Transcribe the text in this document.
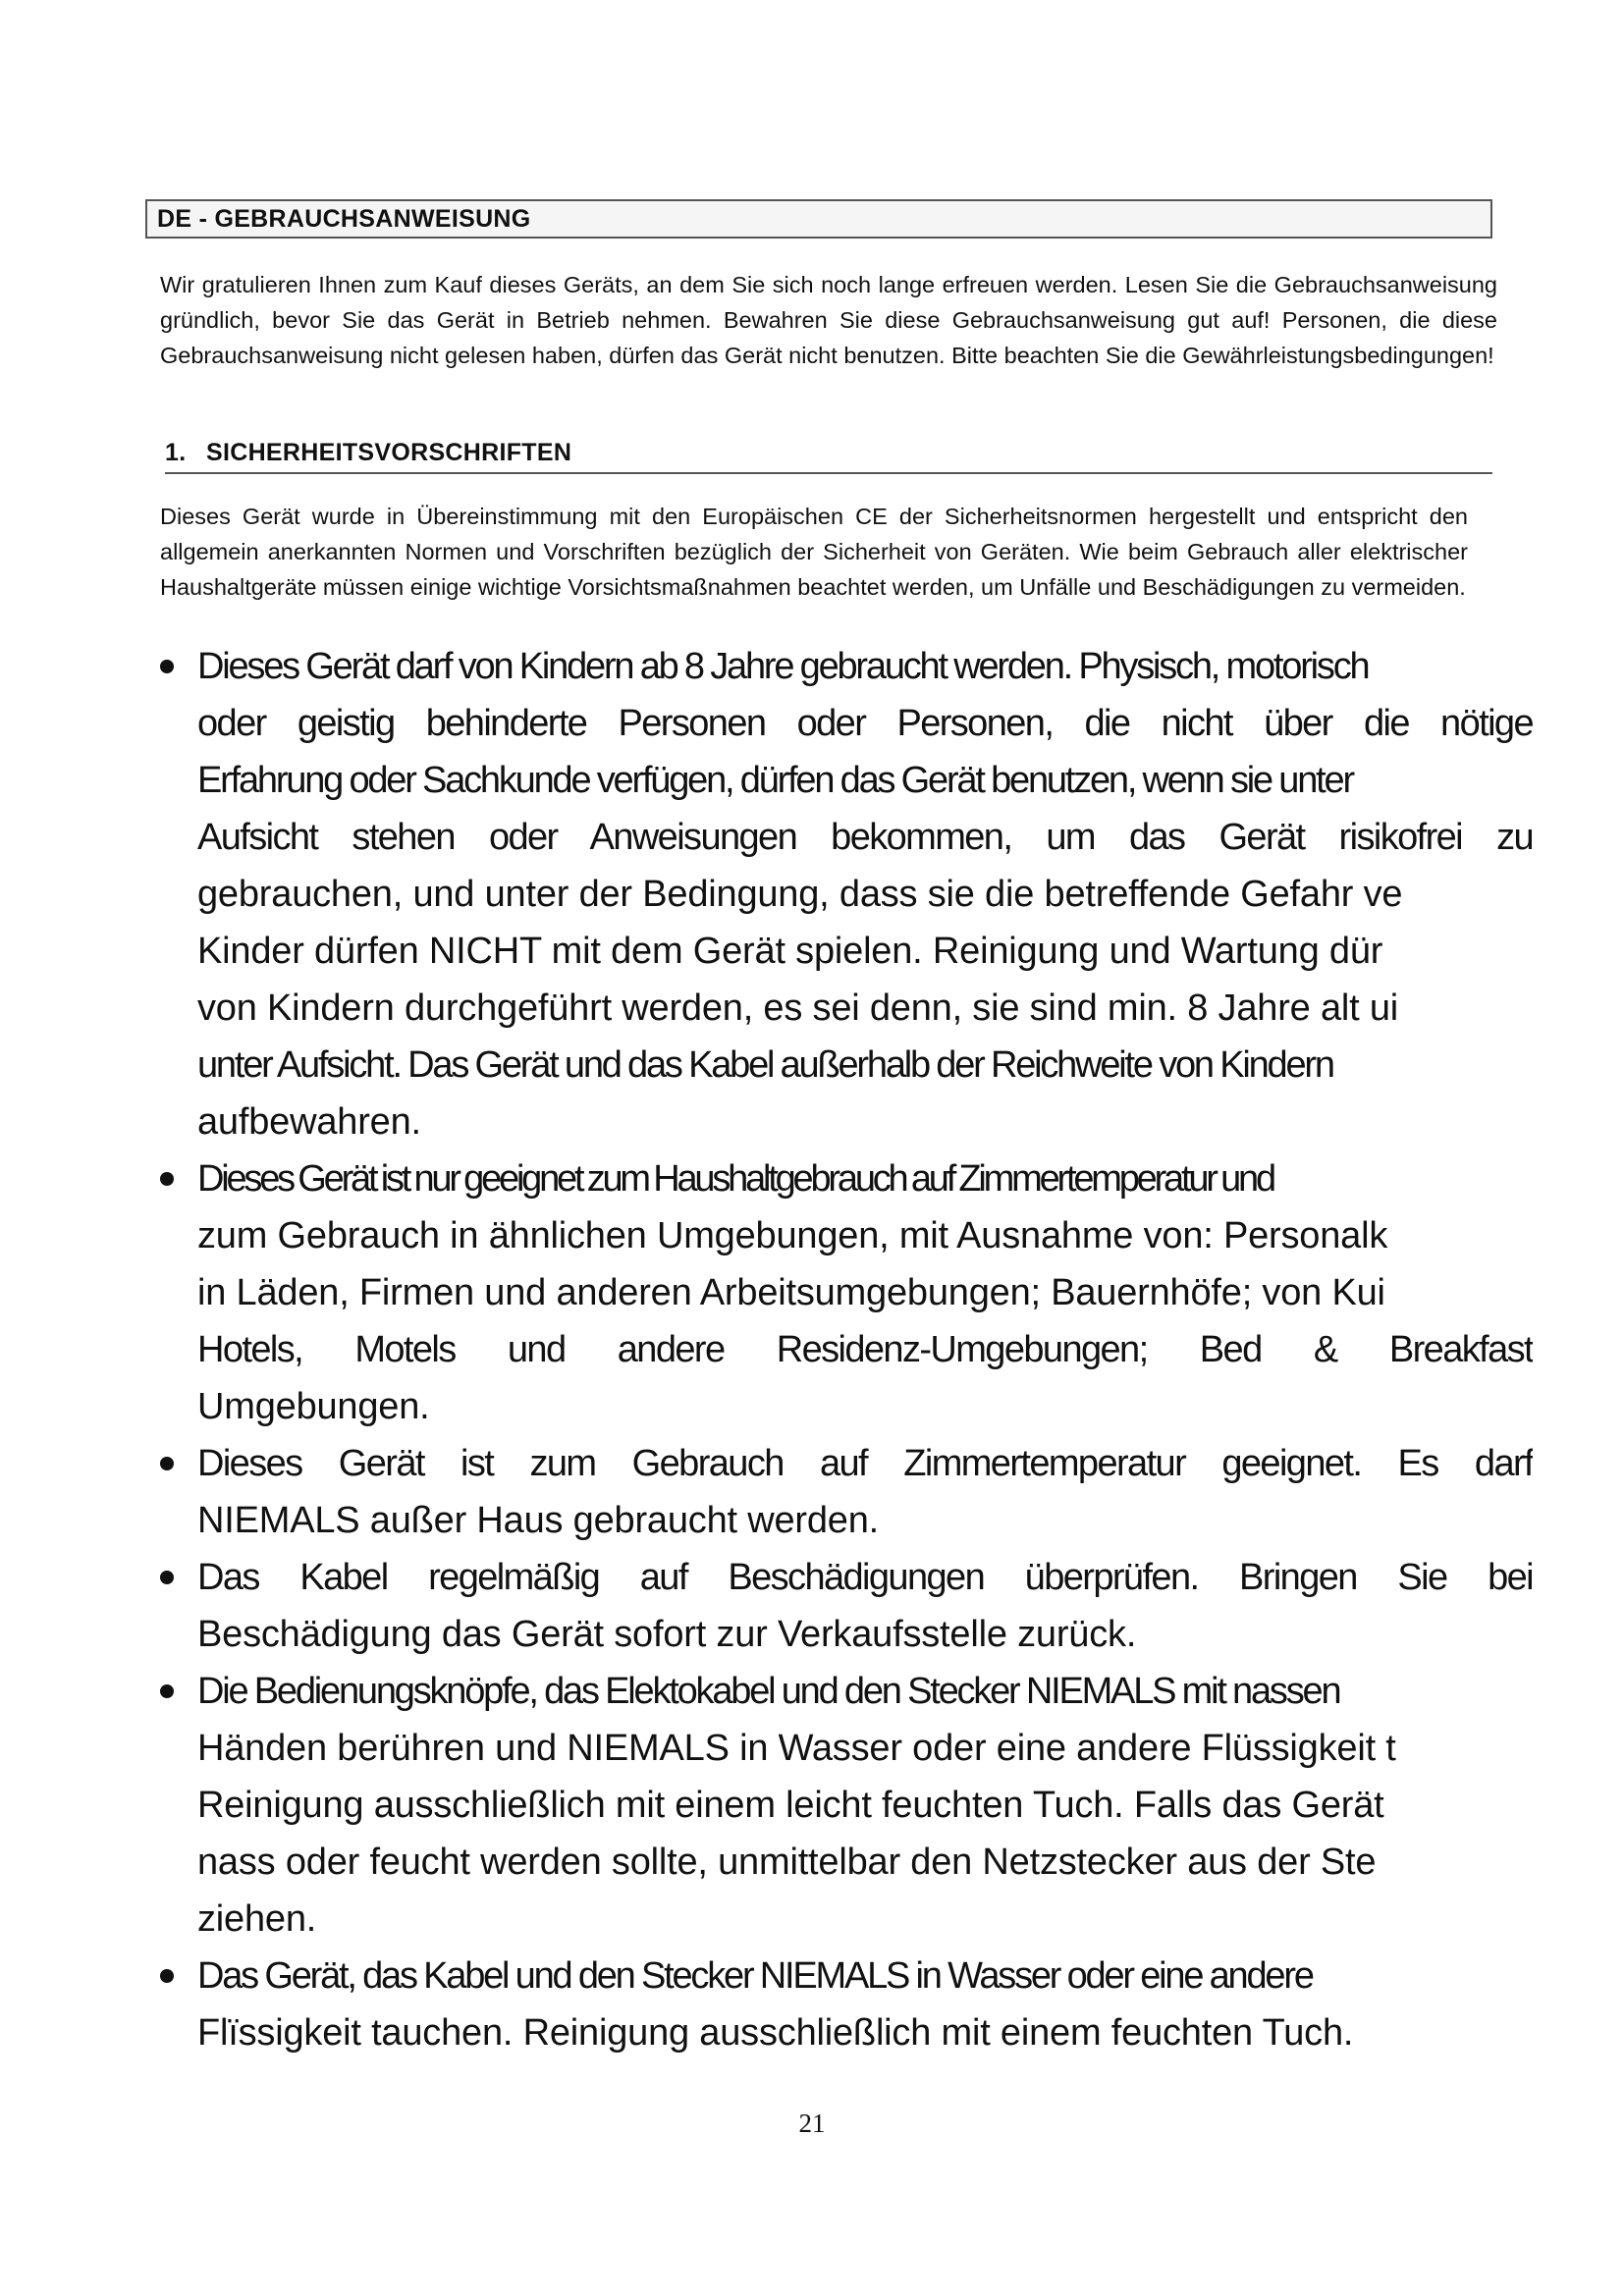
DE - GEBRAUCHSANWEISUNG

Wir gratulieren Ihnen zum Kauf dieses Geräts, an dem Sie sich noch lange erfreuen werden. Lesen Sie die Gebrauchsanweisung gründlich, bevor Sie das Gerät in Betrieb nehmen. Bewahren Sie diese Gebrauchsanweisung gut auf! Personen, die diese Gebrauchsanweisung nicht gelesen haben, dürfen das Gerät nicht benutzen. Bitte beachten Sie die Gewährleistungsbedingungen!

1. SICHERHEITSVORSCHRIFTEN

Dieses Gerät wurde in Übereinstimmung mit den Europäischen CE der Sicherheitsnormen hergestellt und entspricht den allgemein anerkannten Normen und Vorschriften bezüglich der Sicherheit von Geräten. Wie beim Gebrauch aller elektrischer Haushaltgeräte müssen einige wichtige Vorsichtsmaßnahmen beachtet werden, um Unfälle und Beschädigungen zu vermeiden.

Dieses Gerät darf von Kindern ab 8 Jahre gebraucht werden. Physisch, motorisch
oder geistig behinderte Personen oder Personen, die nicht über die nötige
Erfahrung oder Sachkunde verfügen, dürfen das Gerät benutzen, wenn sie unter
Aufsicht stehen oder Anweisungen bekommen, um das Gerät risikofrei zu
gebrauchen, und unter der Bedingung, dass sie die betreffende Gefahr ve
Kinder dürfen NICHT mit dem Gerät spielen. Reinigung und Wartung dür
von Kindern durchgeführt werden, es sei denn, sie sind min. 8 Jahre alt ui
unter Aufsicht. Das Gerät und das Kabel außerhalb der Reichweite von Kindern
aufbewahren.
Dieses Gerät ist nur geeignet zum Haushaltgebrauch auf Zimmertemperatur und
zum Gebrauch in ähnlichen Umgebungen, mit Ausnahme von: Personalk
in Läden, Firmen und anderen Arbeitsumgebungen; Bauernhöfe; von Kui
Hotels, Motels und andere Residenz-Umgebungen; Bed & Breakfast
Umgebungen.
Dieses Gerät ist zum Gebrauch auf Zimmertemperatur geeignet. Es darf
NIEMALS außer Haus gebraucht werden.
Das Kabel regelmäßig auf Beschädigungen überprüfen. Bringen Sie bei
Beschädigung das Gerät sofort zur Verkaufsstelle zurück.
Die Bedienungsknöpfe, das Elektokabel und den Stecker NIEMALS mit nassen
Händen berühren und NIEMALS in Wasser oder eine andere Flüssigkeit t
Reinigung ausschließlich mit einem leicht feuchten Tuch. Falls das Gerät
nass oder feucht werden sollte, unmittelbar den Netzstecker aus der Ste
ziehen.
Das Gerät, das Kabel und den Stecker NIEMALS in Wasser oder eine andere
Flïssigkeit tauchen. Reinigung ausschließlich mit einem feuchten Tuch.
21
